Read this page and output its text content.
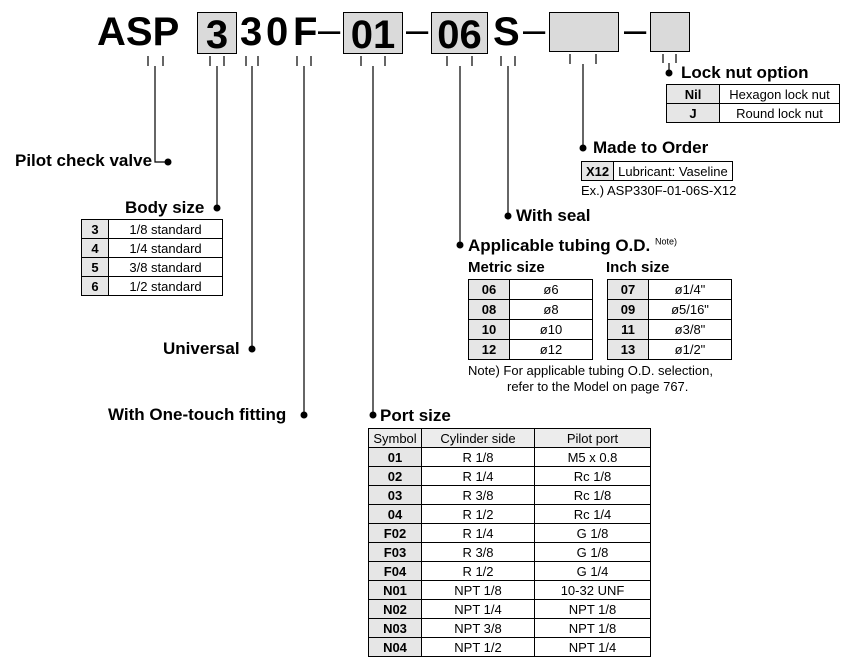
ASP 3 3 0 F – 01 – 06 S – –
Pilot check valve
Body size
3	1/8 standard
4	1/4 standard
5	3/8 standard
6	1/2 standard
Universal
With One-touch fitting
Lock nut option
Nil	Hexagon lock nut
J	Round lock nut
Made to Order
X12	Lubricant: Vaseline
Ex.) ASP330F-01-06S-X12
With seal
Applicable tubing O.D. $^{Note)}$
Metric size	Inch size
06	ø6
08	ø8
10	ø10
12	ø12
07	ø1/4"
09	ø5/16"
11	ø3/8"
13	ø1/2"
Note) For applicable tubing O.D. selection,
refer to the Model on page 767.
Port size
Symbol	Cylinder side	Pilot port
01	R 1/8	M5 x 0.8
02	R 1/4	Rc 1/8
03	R 3/8	Rc 1/8
04	R 1/2	Rc 1/4
F02	R 1/4	G 1/8
F03	R 3/8	G 1/8
F04	R 1/2	G 1/4
N01	NPT 1/8	10-32 UNF
N02	NPT 1/4	NPT 1/8
N03	NPT 3/8	NPT 1/8
N04	NPT 1/2	NPT 1/4
